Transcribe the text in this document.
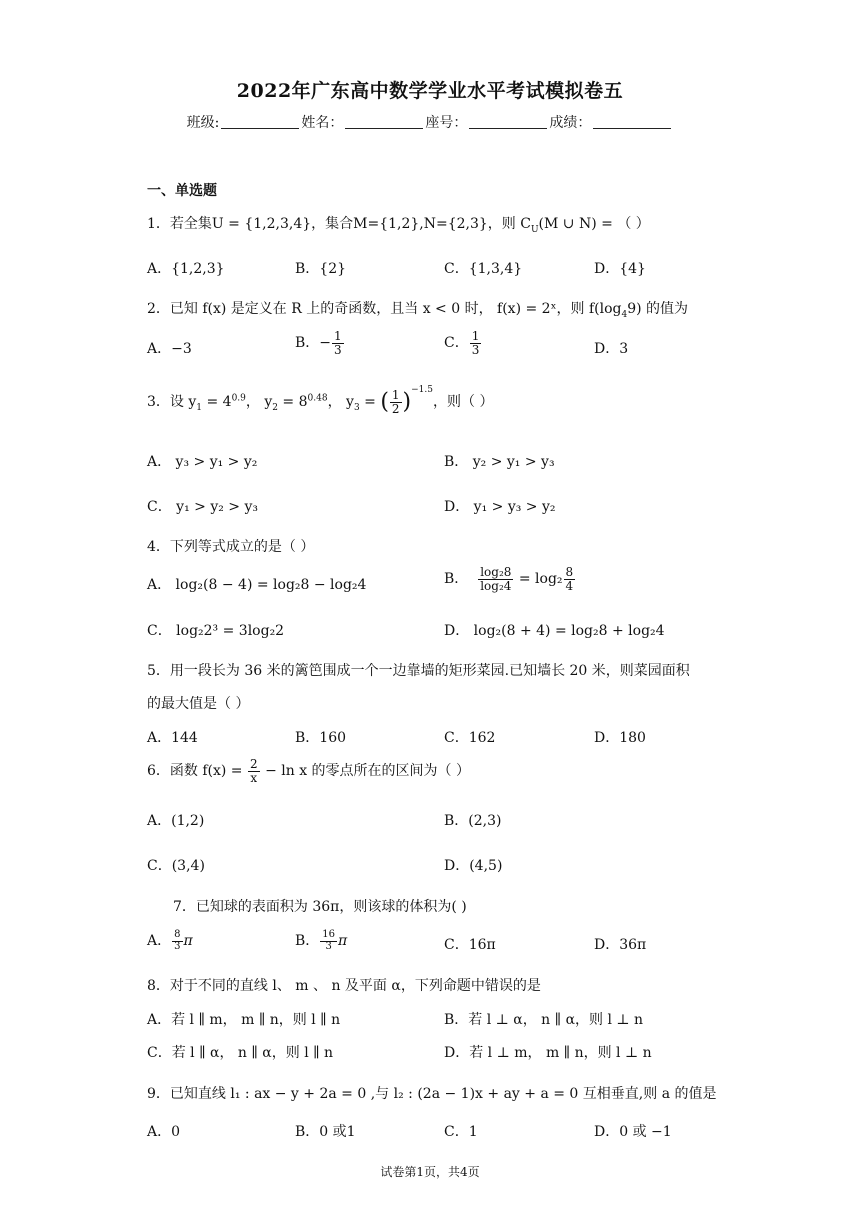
2022年广东高中数学学业水平考试模拟卷五
班级:	姓名：	座号：	成绩：
一、单选题
1．若全集U = {1,2,3,4}，集合M={1,2},N={2,3}，则 $C_U(M$ ∪ N) = （ ）
A．{1,2,3}	B．{2}	C．{1,3,4}	D．{4}
2．已知 f(x) 是定义在 R 上的奇函数，且当 x < 0 时， f(x) = 2ˣ，则 $f(\log_49)$ 的值为
A．−3	B．− $\frac{1}{3}$	C． $\frac{1}{3}$	D．3
3．设 $y_1 = 4^{0.9}$， $y_2 = 8^{0.48}$， $y_3$ = ( $\frac{1}{2} )^{-1.5}$，则（ ）
A． y₃ > y₁ > y₂	B． y₂ > y₁ > y₃
C． y₁ > y₂ > y₃	D． y₁ > y₃ > y₂
4．下列等式成立的是（ ）
A． log₂(8 − 4) = log₂8 − log₂4	B． $\frac{\text{log₂8}}{\text{log₂4}} = \log_2 \frac{8}{4}$
C． log₂2³ = 3log₂2	D． log₂(8 + 4) = log₂8 + log₂4
5．用一段长为 36 米的篱笆围成一个一边靠墙的矩形菜园.已知墙长 20 米，则菜园面积
的最大值是（ ）
A．144	B．160	C．162	D．180
6．函数 $f(x) = \frac{2}{x} - \ln x$ 的零点所在的区间为（ ）
A．(1,2)	B．(2,3)
C．(3,4)	D．(4,5)
7．已知球的表面积为 36π，则该球的体积为( )
A． $\frac{8}{3}$ π	B． $\frac{16}{3}$ π	C．16π	D．36π
8．对于不同的直线 l、 m 、 n 及平面 α，下列命题中错误的是
A．若 l ∥ m， m ∥ n，则 l ∥ n	B．若 l ⊥ α， n ∥ α，则 l ⊥ n
C．若 l ∥ α， n ∥ α，则 l ∥ n	D．若 l ⊥ m， m ∥ n，则 l ⊥ n
9．已知直线 l₁ : ax − y + 2a = 0 ,与 l₂ : (2a − 1)x + ay + a = 0 互相垂直,则 a 的值是
A．0	B．0 或1	C．1	D．0 或 −1
试卷第1页，共4页
